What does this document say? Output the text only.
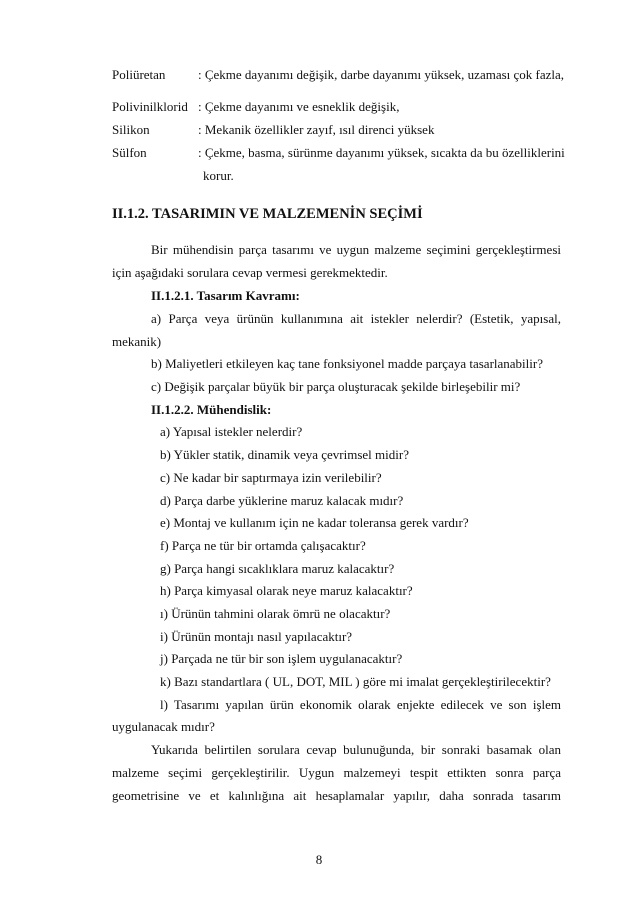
Poliüretan	: Çekme dayanımı değişik, darbe dayanımı yüksek, uzaması çok fazla,
Polivinilklorid : Çekme dayanımı ve esneklik değişik,
Silikon	: Mekanik özellikler zayıf, ısıl direnci yüksek
Sülfon	: Çekme, basma, sürünme dayanımı yüksek, sıcakta da bu özelliklerini
korur.
II.1.2. TASARIMIN VE MALZEMENİN SEÇİMİ
Bir mühendisin parça tasarımı ve uygun malzeme seçimini gerçekleştirmesi
için aşağıdaki sorulara cevap vermesi gerekmektedir.
II.1.2.1. Tasarım Kavramı:
a) Parça veya ürünün kullanımına ait istekler nelerdir? (Estetik, yapısal,
mekanik)
b) Maliyetleri etkileyen kaç tane fonksiyonel madde parçaya tasarlanabilir?
c) Değişik parçalar büyük bir parça oluşturacak şekilde birleşebilir mi?
II.1.2.2. Mühendislik:
a) Yapısal istekler nelerdir?
b) Yükler statik, dinamik veya çevrimsel midir?
c) Ne kadar bir saptırmaya izin verilebilir?
d) Parça darbe yüklerine maruz kalacak mıdır?
e) Montaj ve kullanım için ne kadar toleransa gerek vardır?
f) Parça ne tür bir ortamda çalışacaktır?
g) Parça hangi sıcaklıklara maruz kalacaktır?
h) Parça kimyasal olarak neye maruz kalacaktır?
ı) Ürünün tahmini olarak ömrü ne olacaktır?
i) Ürünün montajı nasıl yapılacaktır?
j) Parçada ne tür bir son işlem uygulanacaktır?
k) Bazı standartlara ( UL, DOT, MIL ) göre mi imalat gerçekleştirilecektir?
l) Tasarımı yapılan ürün ekonomik olarak enjekte edilecek ve son işlem
uygulanacak mıdır?
Yukarıda belirtilen sorulara cevap bulunuğunda, bir sonraki basamak olan
malzeme seçimi gerçekleştirilir. Uygun malzemeyi tespit ettikten sonra parça
geometrisine ve et kalınlığına ait hesaplamalar yapılır, daha sonrada tasarım
8
